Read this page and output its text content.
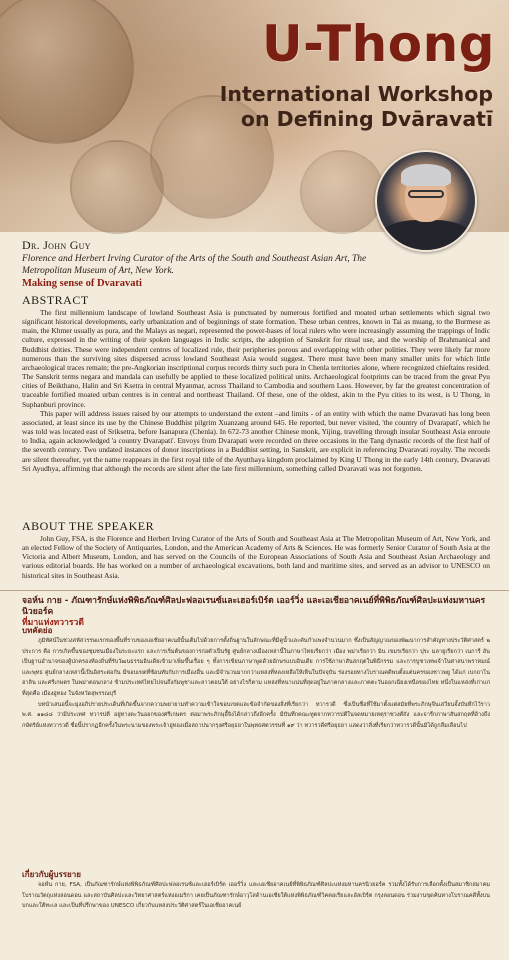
U-Thong
International Workshop
on Defining Dvāravatī
Dr. John Guy
Florence and Herbert Irving Curator of the Arts of the South and Southeast Asian Art, The Metropolitan Museum of Art, New York.
Making sense of Dvaravati
ABSTRACT

The first millennium landscape of lowland Southeast Asia is punctuated by numerous fortified and moated urban settlements which signal two significant historical developments, early urbanization and of beginnings of state formation. These urban centres, known in Tai as muang, to the Burmese as main, the Khmer usually as pura, and the Malays as negari, represented the power-bases of local rulers who were increasingly assuming the trappings of Indic culture, expressed in the writing of their spoken languages in Indic scripts, the adoption of Sanskrit for ritual use, and the worship of Brahmanical and Buddhist deities. These were independent centres of localized rule, their peripheries porous and overlapping with other polities. They were likely far more numerous than the surviving sites dispersed across lowland Southeast Asia would suggest. There must have been many smaller units for which little archaeological traces remain; the pre-Angkorian inscriptional corpus records thirty such pura in Chenla territories alone, where recognized chieftains resided. The Sanskrit terms negara and mandala can usefully be applied to these localized political units. Archaeological footprints can be traced from the great Pyu cities of Beikthano, Halin and Sri Ksetra in central Myanmar, across Thailand to Cambodia and southern Laos. However, by far the greatest concentration of traceable fortified moated urban centres is in central and northeast Thailand. Of these, one of the oldest, akin to the Pyu cities to its west, is U Thong, in Suphanburi province.

This paper will address issues raised by our attempts to understand the extent –and limits - of an entity with which the name Dvaravati has long been associated, at least since its use by the Chinese Buddhist pilgrim Xuanzang around 645. He reported, but never visited, 'the country of Dvarapati', which he was told was located east of Sriksetra, before Isanapura (Chenla). In 672-73 another Chinese monk, Yijing, travelling through insular Southeast Asia enroute to India, again acknowledged 'a country Dvarapati'. Envoys from Dvarapati were recorded on three occasions in the Tang dynastic records of the first half of the seventh century. Two undated instances of donor inscriptions in a Buddhist setting, in Sanskrit, are explicit in referencing Dvaravati royalty. The records are silent thereafter, yet the name reappears in the first royal title of the Ayutthaya kingdom proclaimed by King U Thong in the early 14th century, Dvaravati Sri Ayudhya, affirming that although the records are silent after the late first millennium, something called Dvaravati was not forgotten.

ABOUT THE SPEAKER

John Guy, FSA, is the Florence and Herbert Irving Curator of the Arts of South and Southeast Asia at The Metropolitan Museum of Art, New York, and an elected Fellow of the Society of Antiquaries, London, and the American Academy of Arts & Sciences. He was formerly Senior Curator of South Asia at the Victoria and Albert Museum, London, and has served on the Councils of the European Associations of South Asia and Southeast Asian Archaeology and various editorial boards. He has worked on a number of archaeological excavations, both land and maritime sites, and served as an advisor to UNESCO on historical sites in Southeast Asia.

จอห์น กาย - ภัณฑารักษ์แห่งพิพิธภัณฑ์ศิลปะฟลอเรนซ์และเฮอร์เบิร์ต เออร์วิ่ง และเอเชียอาคเนย์ที่พิพิธภัณฑ์ศิลปะแห่งมหานครนิวยอร์ค
ที่มาแห่งทวารวดี
บทคัดย่อ

ภูมิทัศน์ในช่วงสหัสวรรษแรกของพื้นที่ราบของเอเชียอาคเนย์นั้นเต็มไปด้วยการตั้งถิ่นฐานในลักษณะที่มีคูน้ำและคันกำแพงจำนวนมาก ซึ่งเป็นสัญญาณของพัฒนาการสำคัญทางประวัติศาสตร์ ๒ ประการ คือ การเกิดขึ้นของชุมชนเมืองในระยะแรก และการเริ่มต้นของการก่อตัวเป็นรัฐ ศูนย์กลางเมืองเหล่านี้ในภาษาไทยเรียกว่า เมือง พม่าเรียกว่า มิน เขมรเรียกว่า ปุระ มลายูเรียกว่า เนการี อันเป็นฐานอำนาจของผู้ปกครองท้องถิ่นที่รับวัฒนธรรมอินเดียเข้ามาเพิ่มขึ้นเรื่อย ๆ ทั้งการเขียนภาษาพูดด้วยอักษรแบบอินเดีย การใช้ภาษาสันสกฤตในพิธีกรรม และการบูชาเทพเจ้าในศาสนาพราหมณ์และพุทธ ศูนย์กลางเหล่านี้เป็นอิสระต่อกัน มีขอบเขตที่ซ้อนทับกับการเมืองอื่น และมีจำนวนมากกว่าแหล่งที่หลงเหลือให้เห็นในปัจจุบัน ร่องรอยทางโบราณคดีพบตั้งแต่นครของชาวพยู ได้แก่ เบกถาโน ฮาลิน และศรีเกษตร ในพม่าตอนกลาง ข้ามประเทศไทยไปจนถึงกัมพูชาและลาวตอนใต้ อย่างไรก็ตาม แหล่งที่หนาแน่นที่สุดอยู่ในภาคกลางและภาคตะวันออกเฉียงเหนือของไทย หนึ่งในแหล่งที่เก่าแก่ที่สุดคือ เมืองอู่ทอง ในจังหวัดสุพรรณบุรี

บทนำเสนอนี้จะมุ่งอภิปรายประเด็นที่เกิดขึ้นจากความพยายามทำความเข้าใจขอบเขตและข้อจำกัดของสิ่งที่เรียกว่า ทวารวดี ซึ่งเป็นชื่อที่ใช้มาตั้งแต่สมัยที่พระภิกษุจีนเสวียนจั้งบันทึกไว้ราว พ.ศ. ๑๑๘๘ ว่ามีประเทศ ทวารปตี อยู่ทางตะวันออกของศรีเกษตร ต่อมาพระภิกษุอี้จิงได้กล่าวถึงอีกครั้ง มีบันทึกคณะทูตจากทวารปตีในจดหมายเหตุราชวงศ์ถัง และจารึกภาษาสันสกฤตที่อ้างถึงกษัตริย์แห่งทวารวดี ชื่อนี้ปรากฏอีกครั้งในพระนามของพระเจ้าอู่ทองเมื่อสถาปนากรุงศรีอยุธยาในพุทธศตวรรษที่ ๑๙ ว่า ทวารวดีศรีอยุธยา แสดงว่าสิ่งที่เรียกว่าทวารวดีนั้นมิได้ถูกลืมเลือนไป

เกี่ยวกับผู้บรรยาย

จอห์น กาย, FSA, เป็นภัณฑารักษ์แห่งพิพิธภัณฑ์ศิลปะฟลอเรนซ์และเฮอร์เบิร์ต เออร์วิ่ง และเอเชียอาคเนย์ที่พิพิธภัณฑ์ศิลปะแห่งมหานครนิวยอร์ค รวมทั้งได้รับการเลือกตั้งเป็นสมาชิกสมาคมโบราณวัตถุแห่งลอนดอน และสถาบันศิลปะและวิทยาศาสตร์แห่งอเมริกา เคยเป็นภัณฑารักษ์อาวุโสด้านเอเชียใต้แห่งพิพิธภัณฑ์วิคตอเรียและอัลเบิร์ต กรุงลอนดอน ร่วมงานขุดค้นทางโบราณคดีทั้งบนบกและใต้ทะเล และเป็นที่ปรึกษาของ UNESCO เกี่ยวกับแหล่งประวัติศาสตร์ในเอเชียอาคเนย์
